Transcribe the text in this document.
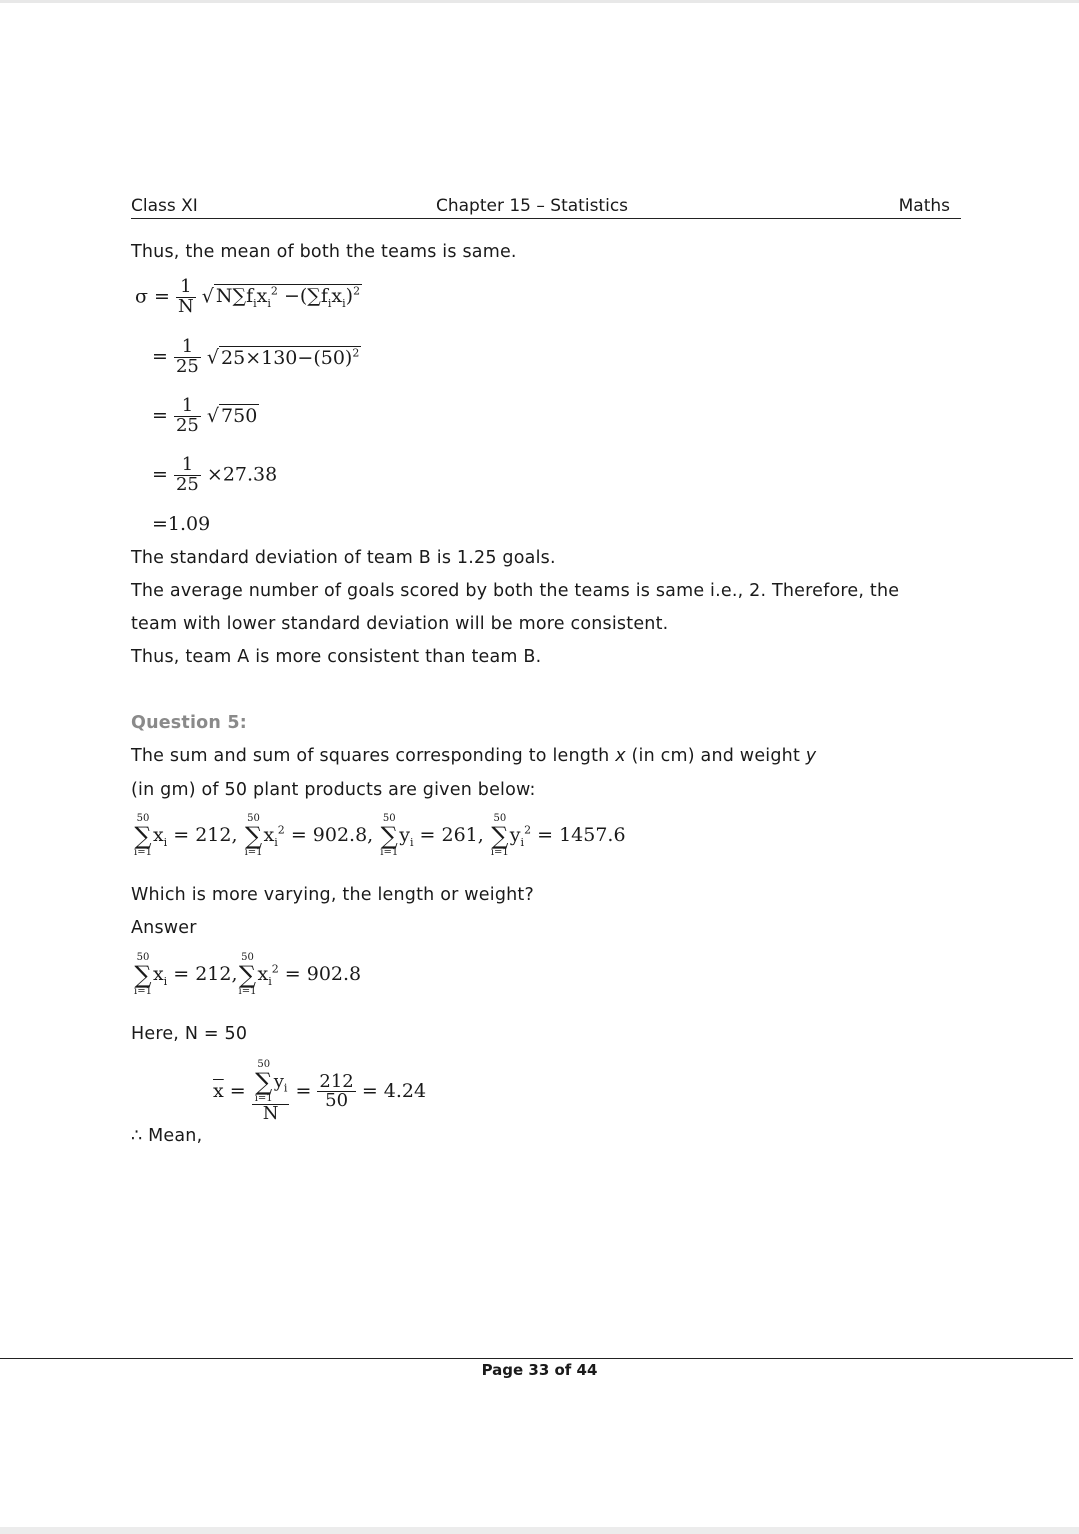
Class XI	Chapter 15 – Statistics	Maths
Thus, the mean of both the teams is same.
$\sigma = \frac{1}{N}$ √ $N\sum f_ix_i^2 -(\sum f_ix_i)^2$
= $\frac{1}{25}$ √ $25\times 130-(50)^2$
= $\frac{1}{25}$ √ 750
= $\frac{1}{25} \times 27.38$
=1.09
The standard deviation of team B is 1.25 goals.
The average number of goals scored by both the teams is same i.e., 2. Therefore, the
team with lower standard deviation will be more consistent.
Thus, team A is more consistent than team B.
Question 5:
The sum and sum of squares corresponding to length x (in cm) and weight y
(in gm) of 50 plant products are given below:
50
∑
i=1
$x_i = 212$,
50
∑
i=1
$x_i^2 = 902.8$,
50
∑
i=1
$y_i = 261$,
50
∑
i=1
$y_i^2 = 1457.6$
Which is more varying, the length or weight?
Answer
50
∑
i=1
$x_i = 212$,
50
∑
i=1
$x_i^2 = 902.8$
Here, N = 50
∴ Mean,
$\overline{x} = 50$
∑
i=1
$y_i$
$N = \frac{212}{50} = 4.24$
Page 33 of 44
